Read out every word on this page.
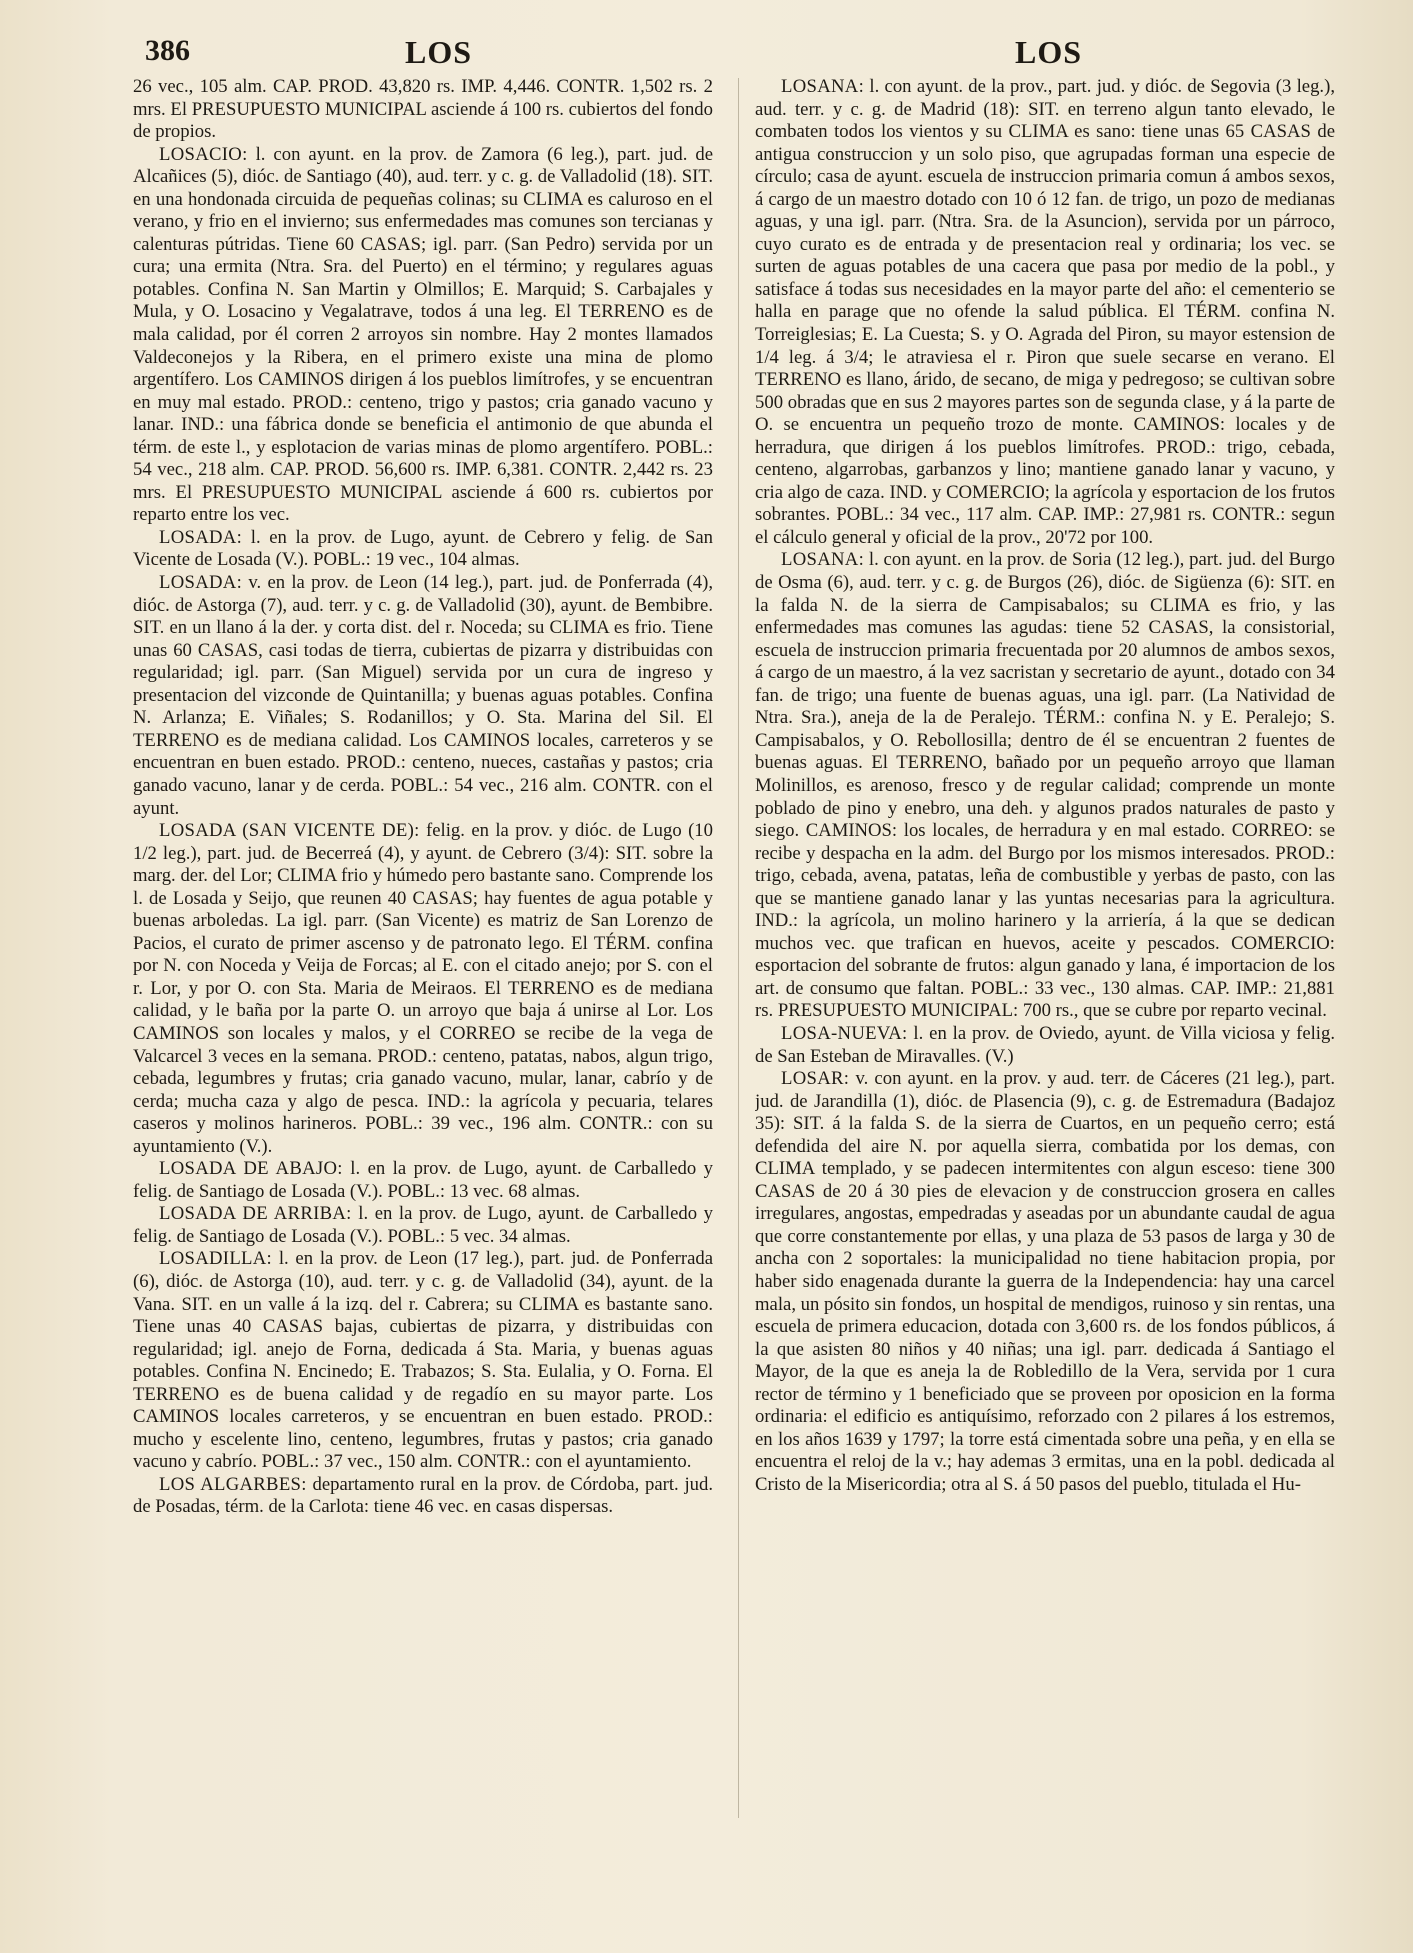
386	LOS	LOS

26 vec., 105 alm. CAP. PROD. 43,820 rs. IMP. 4,446. CONTR. 1,502 rs. 2 mrs. El PRESUPUESTO MUNICIPAL asciende á 100 rs. cubiertos del fondo de propios.

LOSACIO: l. con ayunt. en la prov. de Zamora (6 leg.), part. jud. de Alcañices (5), dióc. de Santiago (40), aud. terr. y c. g. de Valladolid (18). SIT. en una hondonada circuida de pequeñas colinas; su CLIMA es caluroso en el verano, y frio en el invierno; sus enfermedades mas comunes son tercianas y calenturas pútridas. Tiene 60 CASAS; igl. parr. (San Pedro) servida por un cura; una ermita (Ntra. Sra. del Puerto) en el término; y regulares aguas potables. Confina N. San Martin y Olmillos; E. Marquid; S. Carbajales y Mula, y O. Losacino y Vegalatrave, todos á una leg. El TERRENO es de mala calidad, por él corren 2 arroyos sin nombre. Hay 2 montes llamados Valdeconejos y la Ribera, en el primero existe una mina de plomo argentífero. Los CAMINOS dirigen á los pueblos limítrofes, y se encuentran en muy mal estado. PROD.: centeno, trigo y pastos; cria ganado vacuno y lanar. IND.: una fábrica donde se beneficia el antimonio de que abunda el térm. de este l., y esplotacion de varias minas de plomo argentífero. POBL.: 54 vec., 218 alm. CAP. PROD. 56,600 rs. IMP. 6,381. CONTR. 2,442 rs. 23 mrs. El PRESUPUESTO MUNICIPAL asciende á 600 rs. cubiertos por reparto entre los vec.

LOSADA: l. en la prov. de Lugo, ayunt. de Cebrero y felig. de San Vicente de Losada (V.). POBL.: 19 vec., 104 almas.

LOSADA: v. en la prov. de Leon (14 leg.), part. jud. de Ponferrada (4), dióc. de Astorga (7), aud. terr. y c. g. de Valladolid (30), ayunt. de Bembibre. SIT. en un llano á la der. y corta dist. del r. Noceda; su CLIMA es frio. Tiene unas 60 CASAS, casi todas de tierra, cubiertas de pizarra y distribuidas con regularidad; igl. parr. (San Miguel) servida por un cura de ingreso y presentacion del vizconde de Quintanilla; y buenas aguas potables. Confina N. Arlanza; E. Viñales; S. Rodanillos; y O. Sta. Marina del Sil. El TERRENO es de mediana calidad. Los CAMINOS locales, carreteros y se encuentran en buen estado. PROD.: centeno, nueces, castañas y pastos; cria ganado vacuno, lanar y de cerda. POBL.: 54 vec., 216 alm. CONTR. con el ayunt.

LOSADA (SAN VICENTE DE): felig. en la prov. y dióc. de Lugo (10 1/2 leg.), part. jud. de Becerreá (4), y ayunt. de Cebrero (3/4): SIT. sobre la marg. der. del Lor; CLIMA frio y húmedo pero bastante sano. Comprende los l. de Losada y Seijo, que reunen 40 CASAS; hay fuentes de agua potable y buenas arboledas. La igl. parr. (San Vicente) es matriz de San Lorenzo de Pacios, el curato de primer ascenso y de patronato lego. El TÉRM. confina por N. con Noceda y Veija de Forcas; al E. con el citado anejo; por S. con el r. Lor, y por O. con Sta. Maria de Meiraos. El TERRENO es de mediana calidad, y le baña por la parte O. un arroyo que baja á unirse al Lor. Los CAMINOS son locales y malos, y el CORREO se recibe de la vega de Valcarcel 3 veces en la semana. PROD.: centeno, patatas, nabos, algun trigo, cebada, legumbres y frutas; cria ganado vacuno, mular, lanar, cabrío y de cerda; mucha caza y algo de pesca. IND.: la agrícola y pecuaria, telares caseros y molinos harineros. POBL.: 39 vec., 196 alm. CONTR.: con su ayuntamiento (V.).

LOSADA DE ABAJO: l. en la prov. de Lugo, ayunt. de Carballedo y felig. de Santiago de Losada (V.). POBL.: 13 vec. 68 almas.

LOSADA DE ARRIBA: l. en la prov. de Lugo, ayunt. de Carballedo y felig. de Santiago de Losada (V.). POBL.: 5 vec. 34 almas.

LOSADILLA: l. en la prov. de Leon (17 leg.), part. jud. de Ponferrada (6), dióc. de Astorga (10), aud. terr. y c. g. de Valladolid (34), ayunt. de la Vana. SIT. en un valle á la izq. del r. Cabrera; su CLIMA es bastante sano. Tiene unas 40 CASAS bajas, cubiertas de pizarra, y distribuidas con regularidad; igl. anejo de Forna, dedicada á Sta. Maria, y buenas aguas potables. Confina N. Encinedo; E. Trabazos; S. Sta. Eulalia, y O. Forna. El TERRENO es de buena calidad y de regadío en su mayor parte. Los CAMINOS locales carreteros, y se encuentran en buen estado. PROD.: mucho y escelente lino, centeno, legumbres, frutas y pastos; cria ganado vacuno y cabrío. POBL.: 37 vec., 150 alm. CONTR.: con el ayuntamiento.

LOS ALGARBES: departamento rural en la prov. de Córdoba, part. jud. de Posadas, térm. de la Carlota: tiene 46 vec. en casas dispersas.

LOSANA: l. con ayunt. de la prov., part. jud. y dióc. de Segovia (3 leg.), aud. terr. y c. g. de Madrid (18): SIT. en terreno algun tanto elevado, le combaten todos los vientos y su CLIMA es sano: tiene unas 65 CASAS de antigua construccion y un solo piso, que agrupadas forman una especie de círculo; casa de ayunt. escuela de instruccion primaria comun á ambos sexos, á cargo de un maestro dotado con 10 ó 12 fan. de trigo, un pozo de medianas aguas, y una igl. parr. (Ntra. Sra. de la Asuncion), servida por un párroco, cuyo curato es de entrada y de presentacion real y ordinaria; los vec. se surten de aguas potables de una cacera que pasa por medio de la pobl., y satisface á todas sus necesidades en la mayor parte del año: el cementerio se halla en parage que no ofende la salud pública. El TÉRM. confina N. Torreiglesias; E. La Cuesta; S. y O. Agrada del Piron, su mayor estension de 1/4 leg. á 3/4; le atraviesa el r. Piron que suele secarse en verano. El TERRENO es llano, árido, de secano, de miga y pedregoso; se cultivan sobre 500 obradas que en sus 2 mayores partes son de segunda clase, y á la parte de O. se encuentra un pequeño trozo de monte. CAMINOS: locales y de herradura, que dirigen á los pueblos limítrofes. PROD.: trigo, cebada, centeno, algarrobas, garbanzos y lino; mantiene ganado lanar y vacuno, y cria algo de caza. IND. y COMERCIO; la agrícola y esportacion de los frutos sobrantes. POBL.: 34 vec., 117 alm. CAP. IMP.: 27,981 rs. CONTR.: segun el cálculo general y oficial de la prov., 20'72 por 100.

LOSANA: l. con ayunt. en la prov. de Soria (12 leg.), part. jud. del Burgo de Osma (6), aud. terr. y c. g. de Burgos (26), dióc. de Sigüenza (6): SIT. en la falda N. de la sierra de Campisabalos; su CLIMA es frio, y las enfermedades mas comunes las agudas: tiene 52 CASAS, la consistorial, escuela de instruccion primaria frecuentada por 20 alumnos de ambos sexos, á cargo de un maestro, á la vez sacristan y secretario de ayunt., dotado con 34 fan. de trigo; una fuente de buenas aguas, una igl. parr. (La Natividad de Ntra. Sra.), aneja de la de Peralejo. TÉRM.: confina N. y E. Peralejo; S. Campisabalos, y O. Rebollosilla; dentro de él se encuentran 2 fuentes de buenas aguas. El TERRENO, bañado por un pequeño arroyo que llaman Molinillos, es arenoso, fresco y de regular calidad; comprende un monte poblado de pino y enebro, una deh. y algunos prados naturales de pasto y siego. CAMINOS: los locales, de herradura y en mal estado. CORREO: se recibe y despacha en la adm. del Burgo por los mismos interesados. PROD.: trigo, cebada, avena, patatas, leña de combustible y yerbas de pasto, con las que se mantiene ganado lanar y las yuntas necesarias para la agricultura. IND.: la agrícola, un molino harinero y la arriería, á la que se dedican muchos vec. que trafican en huevos, aceite y pescados. COMERCIO: esportacion del sobrante de frutos: algun ganado y lana, é importacion de los art. de consumo que faltan. POBL.: 33 vec., 130 almas. CAP. IMP.: 21,881 rs. PRESUPUESTO MUNICIPAL: 700 rs., que se cubre por reparto vecinal.

LOSA-NUEVA: l. en la prov. de Oviedo, ayunt. de Villa viciosa y felig. de San Esteban de Miravalles. (V.)

LOSAR: v. con ayunt. en la prov. y aud. terr. de Cáceres (21 leg.), part. jud. de Jarandilla (1), dióc. de Plasencia (9), c. g. de Estremadura (Badajoz 35): SIT. á la falda S. de la sierra de Cuartos, en un pequeño cerro; está defendida del aire N. por aquella sierra, combatida por los demas, con CLIMA templado, y se padecen intermitentes con algun esceso: tiene 300 CASAS de 20 á 30 pies de elevacion y de construccion grosera en calles irregulares, angostas, empedradas y aseadas por un abundante caudal de agua que corre constantemente por ellas, y una plaza de 53 pasos de larga y 30 de ancha con 2 soportales: la municipalidad no tiene habitacion propia, por haber sido enagenada durante la guerra de la Independencia: hay una carcel mala, un pósito sin fondos, un hospital de mendigos, ruinoso y sin rentas, una escuela de primera educacion, dotada con 3,600 rs. de los fondos públicos, á la que asisten 80 niños y 40 niñas; una igl. parr. dedicada á Santiago el Mayor, de la que es aneja la de Robledillo de la Vera, servida por 1 cura rector de término y 1 beneficiado que se proveen por oposicion en la forma ordinaria: el edificio es antiquísimo, reforzado con 2 pilares á los estremos, en los años 1639 y 1797; la torre está cimentada sobre una peña, y en ella se encuentra el reloj de la v.; hay ademas 3 ermitas, una en la pobl. dedicada al Cristo de la Misericordia; otra al S. á 50 pasos del pueblo, titulada el Hu-
